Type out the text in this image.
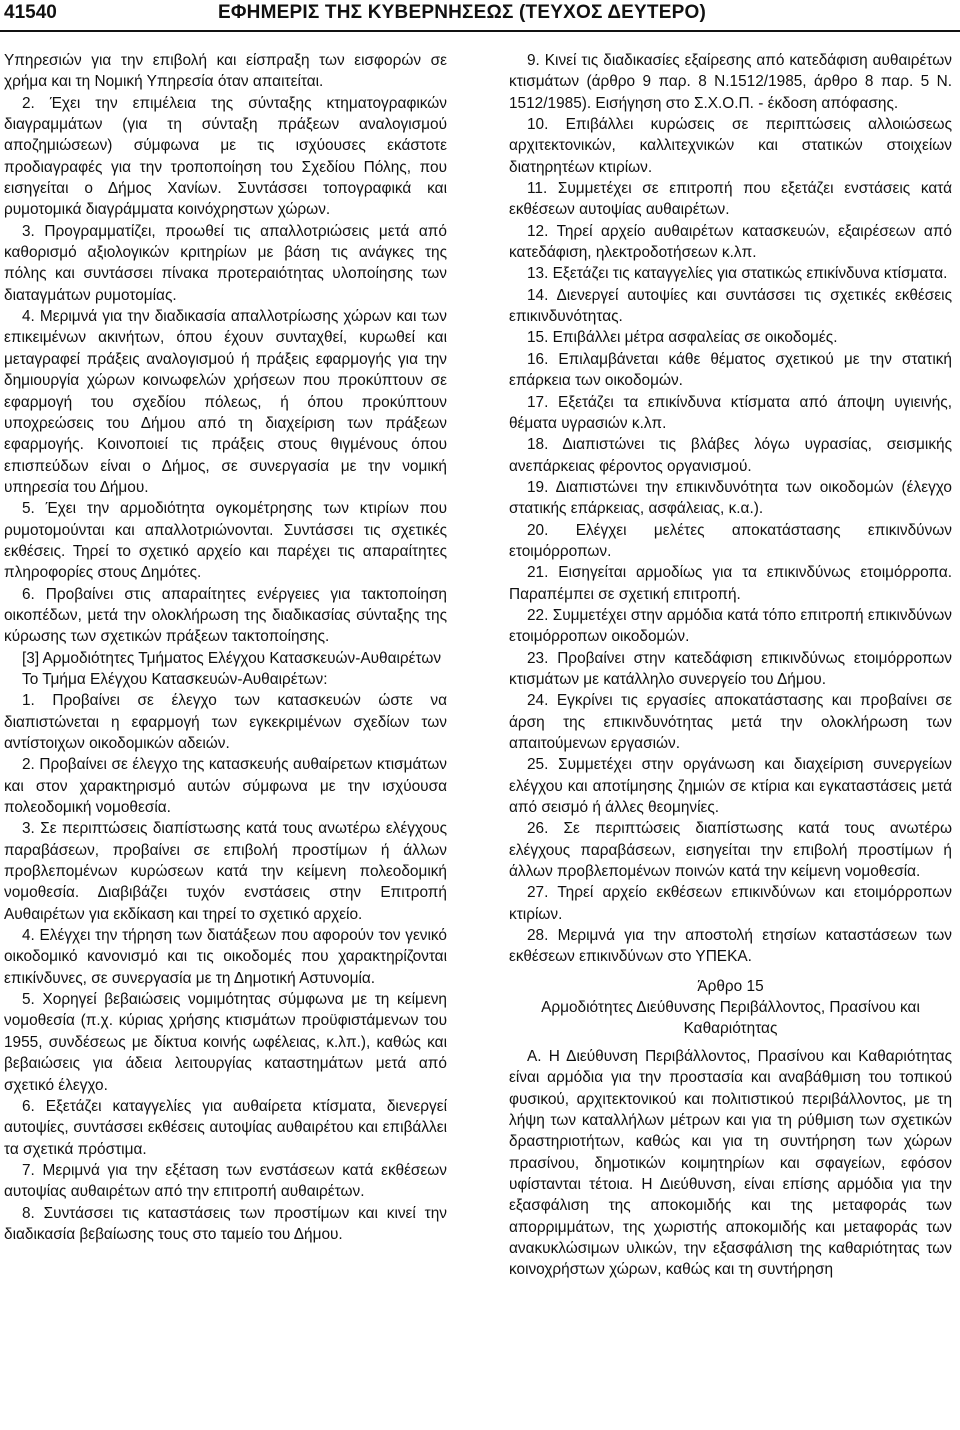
41540	ΕΦΗΜΕΡΙΣ ΤΗΣ ΚΥΒΕΡΝΗΣΕΩΣ (ΤΕΥΧΟΣ ΔΕΥΤΕΡΟ)

Υπηρεσιών για την επιβολή και είσπραξη των εισφορών σε χρήμα και τη Νομική Υπηρεσία όταν απαιτείται.

2. Έχει την επιμέλεια της σύνταξης κτηματογραφικών διαγραμμάτων (για τη σύνταξη πράξεων αναλογισμού αποζημιώσεων) σύμφωνα με τις ισχύουσες εκάστοτε προδιαγραφές για την τροποποίηση του Σχεδίου Πόλης, που εισηγείται ο Δήμος Χανίων. Συντάσσει τοπογραφικά και ρυμοτομικά διαγράμματα κοινόχρηστων χώρων.

3. Προγραμματίζει, προωθεί τις απαλλοτριώσεις μετά από καθορισμό αξιολογικών κριτηρίων με βάση τις ανάγκες της πόλης και συντάσσει πίνακα προτεραιότητας υλοποίησης των διαταγμάτων ρυμοτομίας.

4. Μεριμνά για την διαδικασία απαλλοτρίωσης χώρων και των επικειμένων ακινήτων, όπου έχουν συνταχθεί, κυρωθεί και μεταγραφεί πράξεις αναλογισμού ή πράξεις εφαρμογής για την δημιουργία χώρων κοινωφελών χρήσεων που προκύπτουν σε εφαρμογή του σχεδίου πόλεως, ή όπου προκύπτουν υποχρεώσεις του Δήμου από τη διαχείριση των πράξεων εφαρμογής. Κοινοποιεί τις πράξεις στους θιγμένους όπου επισπεύδων είναι ο Δήμος, σε συνεργασία με την νομική υπηρεσία του Δήμου.

5. Έχει την αρμοδιότητα ογκομέτρησης των κτιρίων που ρυμοτομούνται και απαλλοτριώνονται. Συντάσσει τις σχετικές εκθέσεις. Τηρεί το σχετικό αρχείο και παρέχει τις απαραίτητες πληροφορίες στους Δημότες.

6. Προβαίνει στις απαραίτητες ενέργειες για τακτοποίηση οικοπέδων, μετά την ολοκλήρωση της διαδικασίας σύνταξης της κύρωσης των σχετικών πράξεων τακτοποίησης.

[3] Αρμοδιότητες Τμήματος Ελέγχου Κατασκευών-Αυθαιρέτων

Το Τμήμα Ελέγχου Κατασκευών-Αυθαιρέτων:

1. Προβαίνει σε έλεγχο των κατασκευών ώστε να διαπιστώνεται η εφαρμογή των εγκεκριμένων σχεδίων των αντίστοιχων οικοδομικών αδειών.

2. Προβαίνει σε έλεγχο της κατασκευής αυθαίρετων κτισμάτων και στον χαρακτηρισμό αυτών σύμφωνα με την ισχύουσα πολεοδομική νομοθεσία.

3. Σε περιπτώσεις διαπίστωσης κατά τους ανωτέρω ελέγχους παραβάσεων, προβαίνει σε επιβολή προστίμων ή άλλων προβλεπομένων κυρώσεων κατά την κείμενη πολεοδομική νομοθεσία. Διαβιβάζει τυχόν ενστάσεις στην Επιτροπή Αυθαιρέτων για εκδίκαση και τηρεί το σχετικό αρχείο.

4. Ελέγχει την τήρηση των διατάξεων που αφορούν τον γενικό οικοδομικό κανονισμό και τις οικοδομές που χαρακτηρίζονται επικίνδυνες, σε συνεργασία με τη Δημοτική Αστυνομία.

5. Χορηγεί βεβαιώσεις νομιμότητας σύμφωνα με τη κείμενη νομοθεσία (π.χ. κύριας χρήσης κτισμάτων προϋφιστάμενων του 1955, συνδέσεως με δίκτυα κοινής ωφέλειας, κ.λπ.), καθώς και βεβαιώσεις για άδεια λειτουργίας καταστημάτων μετά από σχετικό έλεγχο.

6. Εξετάζει καταγγελίες για αυθαίρετα κτίσματα, διενεργεί αυτοψίες, συντάσσει εκθέσεις αυτοψίας αυθαιρέτου και επιβάλλει τα σχετικά πρόστιμα.

7. Μεριμνά για την εξέταση των ενστάσεων κατά εκθέσεων αυτοψίας αυθαιρέτων από την επιτροπή αυθαιρέτων.

8. Συντάσσει τις καταστάσεις των προστίμων και κινεί την διαδικασία βεβαίωσης τους στο ταμείο του Δήμου.

9. Κινεί τις διαδικασίες εξαίρεσης από κατεδάφιση αυθαιρέτων κτισμάτων (άρθρο 9 παρ. 8 Ν.1512/1985, άρθρο 8 παρ. 5 Ν. 1512/1985). Εισήγηση στο Σ.Χ.Ο.Π. - έκδοση απόφασης.

10. Επιβάλλει κυρώσεις σε περιπτώσεις αλλοιώσεως αρχιτεκτονικών, καλλιτεχνικών και στατικών στοιχείων διατηρητέων κτιρίων.

11. Συμμετέχει σε επιτροπή που εξετάζει ενστάσεις κατά εκθέσεων αυτοψίας αυθαιρέτων.

12. Τηρεί αρχείο αυθαιρέτων κατασκευών, εξαιρέσεων από κατεδάφιση, ηλεκτροδοτήσεων κ.λπ.

13. Εξετάζει τις καταγγελίες για στατικώς επικίνδυνα κτίσματα.

14. Διενεργεί αυτοψίες και συντάσσει τις σχετικές εκθέσεις επικινδυνότητας.

15. Επιβάλλει μέτρα ασφαλείας σε οικοδομές.

16. Επιλαμβάνεται κάθε θέματος σχετικού με την στατική επάρκεια των οικοδομών.

17. Εξετάζει τα επικίνδυνα κτίσματα από άποψη υγιεινής, θέματα υγρασιών κ.λπ.

18. Διαπιστώνει τις βλάβες λόγω υγρασίας, σεισμικής ανεπάρκειας φέροντος οργανισμού.

19. Διαπιστώνει την επικινδυνότητα των οικοδομών (έλεγχο στατικής επάρκειας, ασφάλειας, κ.α.).

20. Ελέγχει μελέτες αποκατάστασης επικινδύνων ετοιμόρροπων.

21. Εισηγείται αρμοδίως για τα επικινδύνως ετοιμόρροπα. Παραπέμπει σε σχετική επιτροπή.

22. Συμμετέχει στην αρμόδια κατά τόπο επιτροπή επικινδύνων ετοιμόρροπων οικοδομών.

23. Προβαίνει στην κατεδάφιση επικινδύνως ετοιμόρροπων κτισμάτων με κατάλληλο συνεργείο του Δήμου.

24. Εγκρίνει τις εργασίες αποκατάστασης και προβαίνει σε άρση της επικινδυνότητας μετά την ολοκλήρωση των απαιτούμενων εργασιών.

25. Συμμετέχει στην οργάνωση και διαχείριση συνεργείων ελέγχου και αποτίμησης ζημιών σε κτίρια και εγκαταστάσεις μετά από σεισμό ή άλλες θεομηνίες.

26. Σε περιπτώσεις διαπίστωσης κατά τους ανωτέρω ελέγχους παραβάσεων, εισηγείται την επιβολή προστίμων ή άλλων προβλεπομένων ποινών κατά την κείμενη νομοθεσία.

27. Τηρεί αρχείο εκθέσεων επικινδύνων και ετοιμόρροπων κτιρίων.

28. Μεριμνά για την αποστολή ετησίων καταστάσεων των εκθέσεων επικινδύνων στο ΥΠΕΚΑ.

Άρθρο 15

Αρμοδιότητες Διεύθυνσης Περιβάλλοντος, Πρασίνου και Καθαριότητας

Α. Η Διεύθυνση Περιβάλλοντος, Πρασίνου και Καθαριότητας είναι αρμόδια για την προστασία και αναβάθμιση του τοπικού φυσικού, αρχιτεκτονικού και πολιτιστικού περιβάλλοντος, με τη λήψη των καταλλήλων μέτρων και για τη ρύθμιση των σχετικών δραστηριοτήτων, καθώς και για τη συντήρηση των χώρων πρασίνου, δημοτικών κοιμητηρίων και σφαγείων, εφόσον υφίστανται τέτοια. Η Διεύθυνση, είναι επίσης αρμόδια για την εξασφάλιση της αποκομιδής και της μεταφοράς των απορριμμάτων, της χωριστής αποκομιδής και μεταφοράς των ανακυκλώσιμων υλικών, την εξασφάλιση της καθαριότητας των κοινοχρήστων χώρων, καθώς και τη συντήρηση
